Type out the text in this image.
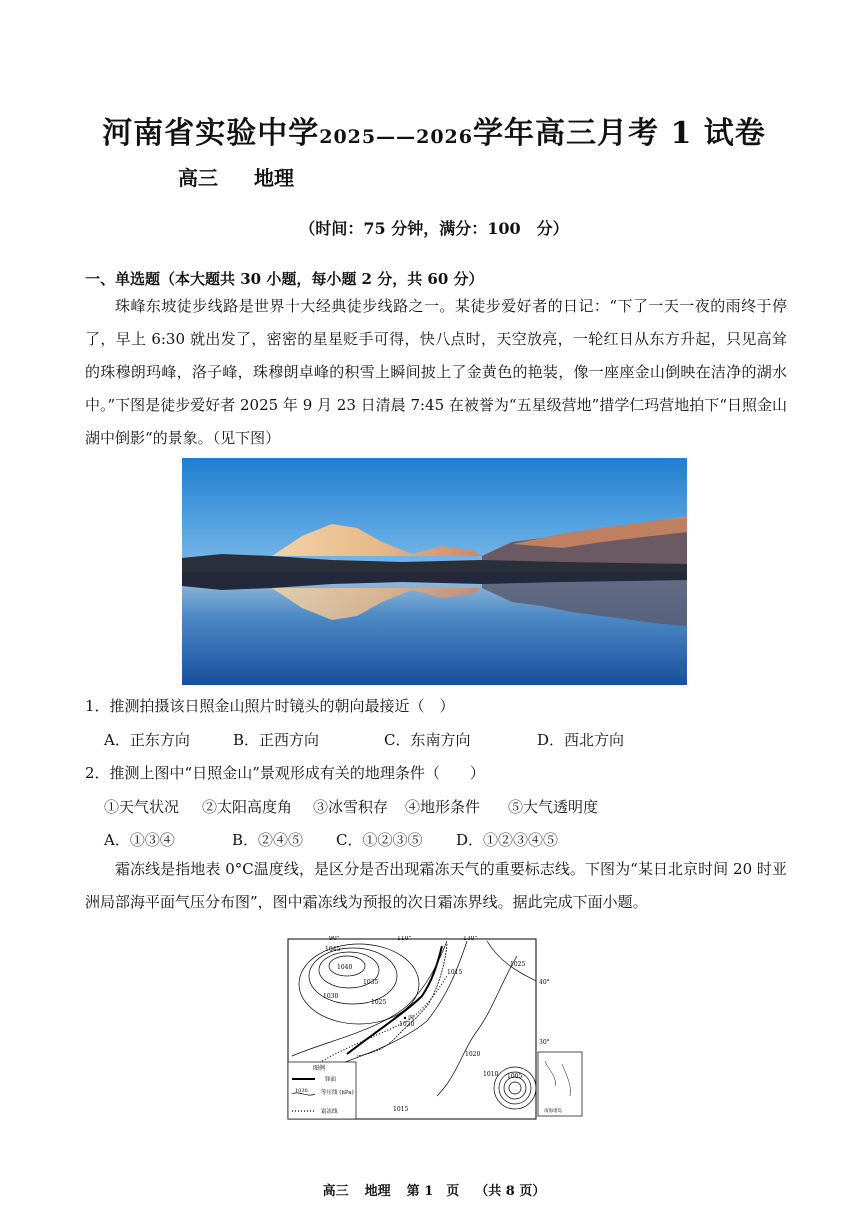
河南省实验中学2025——2026学年高三月考 1 试卷
高三 地理
（时间：75 分钟，满分：100　分）
一、单选题（本大题共 30 小题，每小题 2 分，共 60 分）
珠峰东坡徒步线路是世界十大经典徒步线路之一。某徒步爱好者的日记：“下了一天一夜的雨终于停了，早上 6:30 就出发了，密密的星星贬手可得，快八点时，天空放亮，一轮红日从东方升起，只见高耸的珠穆朗玛峰，洛子峰，珠穆朗卓峰的积雪上瞬间披上了金黄色的艳装，像一座座金山倒映在洁净的湖水中。”下图是徒步爱好者 2025 年 9 月 23 日清晨 7:45 在被誉为“五星级营地”措学仁玛营地拍下“日照金山湖中倒影“的景象。（见下图）
1．推测拍摄该日照金山照片时镜头的朝向最接近（　）
A．正东方向	B．正西方向	C．东南方向	D．西北方向
2．推测上图中“日照金山”景观形成有关的地理条件（　　）
①天气状况 ②太阳高度角 ③冰雪积存 ④地形条件 ⑤大气透明度
A．①③④	B．②④⑤ C．①②③⑤ D．①②③④⑤
霜冻线是指地表 0°C温度线，是区分是否出现霜冻天气的重要标志线。下图为“某日北京时间 20 时亚洲局部海平面气压分布图”，图中霜冻线为预报的次日霜冻界线。据此完成下面小题。
90°	110°	130°
40°
30°
1045
1040
1035
1030
1025
1020
1015
1025
1015
1010 1005
1020
丙
图例
锋面
1030 等压线 (hPa)
霜冻线	南海诸岛
高三 地理 第 1　页 （共 8 页）
